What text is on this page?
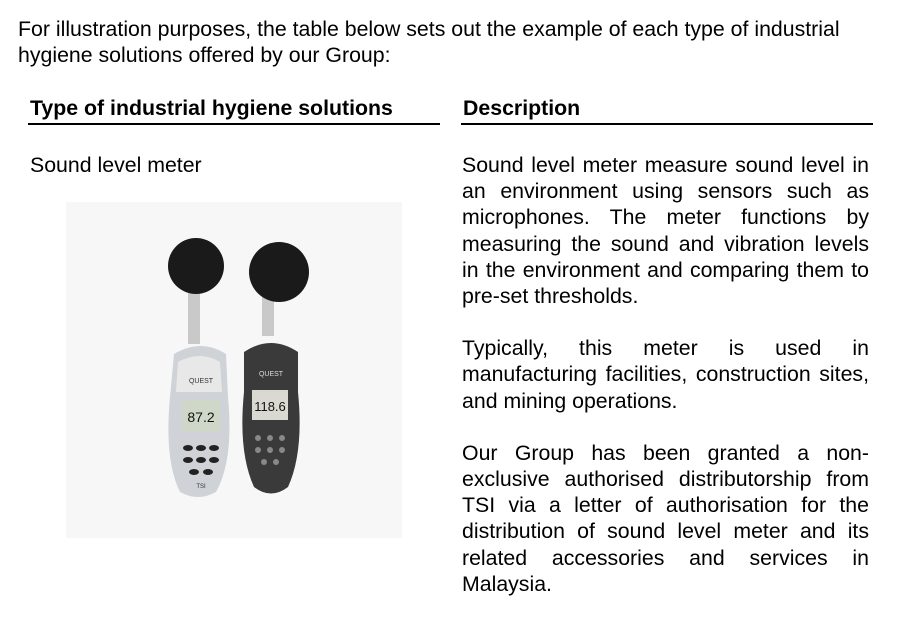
For illustration purposes, the table below sets out the example of each type of industrial hygiene solutions offered by our Group:

Type of industrial hygiene solutions	Description
Sound level meter
118.6
QUEST
87.2
QUEST
TSI

Sound level meter measure sound level in an environment using sensors such as microphones. The meter functions by measuring the sound and vibration levels in the environment and comparing them to pre-set thresholds.

Typically, this meter is used in manufacturing facilities, construction sites, and mining operations.

Our Group has been granted a non-exclusive authorised distributorship from TSI via a letter of authorisation for the distribution of sound level meter and its related accessories and services in Malaysia.
